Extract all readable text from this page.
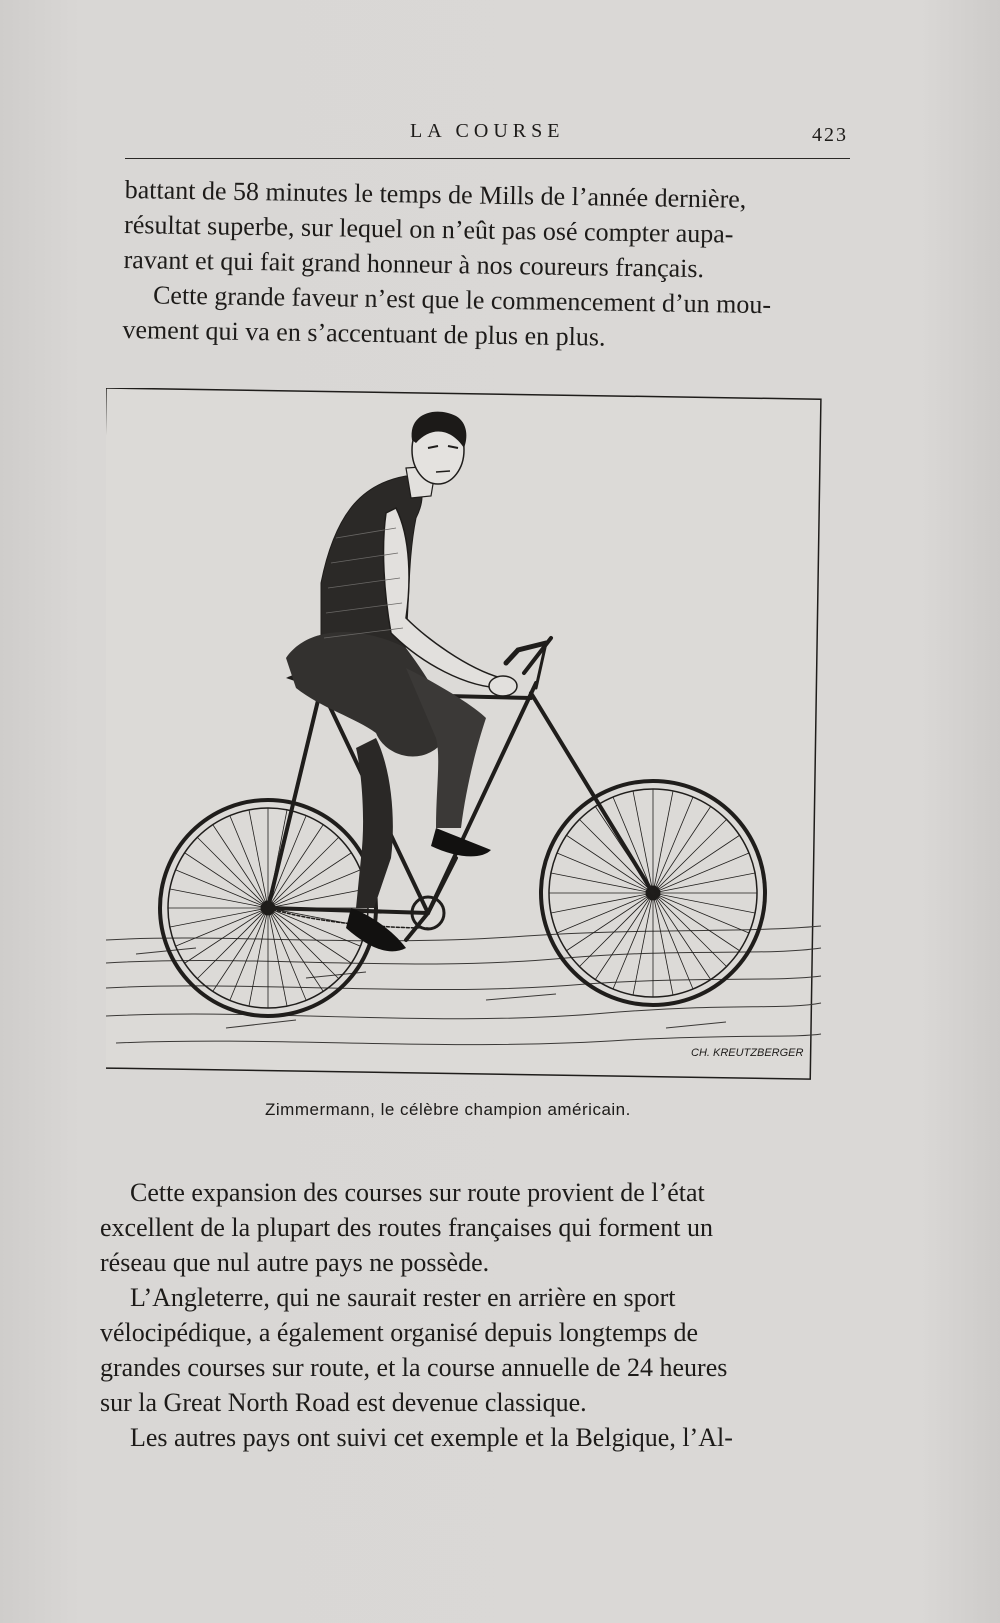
LA COURSE	423

battant de 58 minutes le temps de Mills de l’année dernière,
résultat superbe, sur lequel on n’eût pas osé compter aupa-
ravant et qui fait grand honneur à nos coureurs français.
Cette grande faveur n’est que le commencement d’un mou-
vement qui va en s’accentuant de plus en plus.

CH. KREUTZBERGER
Zimmermann, le célèbre champion américain.

Cette expansion des courses sur route provient de l’état
excellent de la plupart des routes françaises qui forment un
réseau que nul autre pays ne possède.
L’Angleterre, qui ne saurait rester en arrière en sport
vélocipédique, a également organisé depuis longtemps de
grandes courses sur route, et la course annuelle de 24 heures
sur la Great North Road est devenue classique.
Les autres pays ont suivi cet exemple et la Belgique, l’Al-
